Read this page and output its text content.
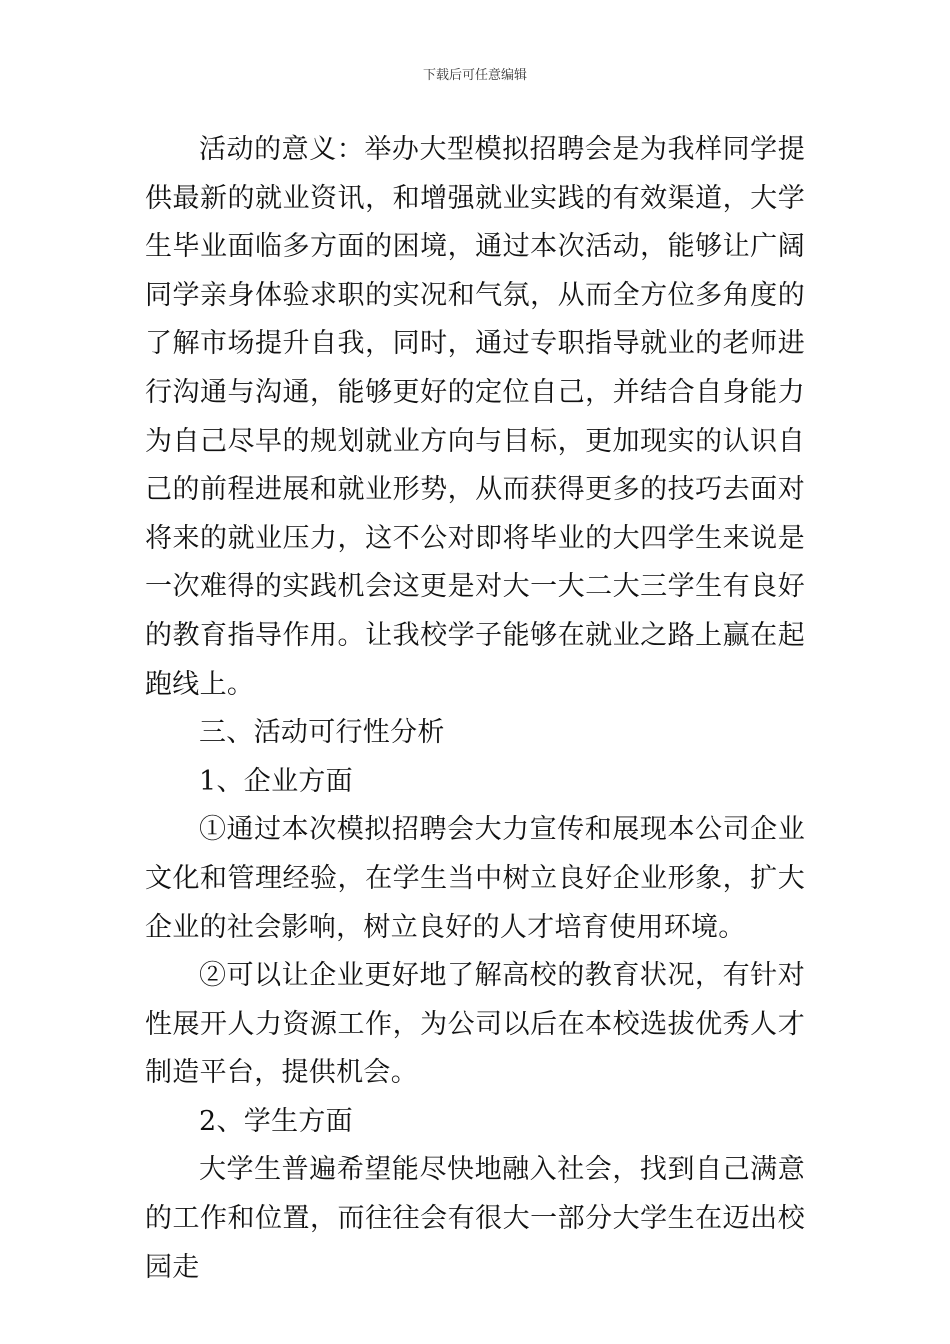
下载后可任意编辑

活动的意义：举办大型模拟招聘会是为我样同学提供最新的就业资讯，和增强就业实践的有效渠道，大学生毕业面临多方面的困境，通过本次活动，能够让广阔同学亲身体验求职的实况和气氛，从而全方位多角度的了解市场提升自我，同时，通过专职指导就业的老师进行沟通与沟通，能够更好的定位自己，并结合自身能力为自己尽早的规划就业方向与目标，更加现实的认识自己的前程进展和就业形势，从而获得更多的技巧去面对将来的就业压力，这不公对即将毕业的大四学生来说是一次难得的实践机会这更是对大一大二大三学生有良好的教育指导作用。让我校学子能够在就业之路上赢在起跑线上。

三、活动可行性分析

1、企业方面

①通过本次模拟招聘会大力宣传和展现本公司企业文化和管理经验，在学生当中树立良好企业形象，扩大企业的社会影响，树立良好的人才培育使用环境。

②可以让企业更好地了解高校的教育状况，有针对性展开人力资源工作，为公司以后在本校选拔优秀人才制造平台，提供机会。

2、学生方面

大学生普遍希望能尽快地融入社会，找到自己满意的工作和位置，而往往会有很大一部分大学生在迈出校园走
